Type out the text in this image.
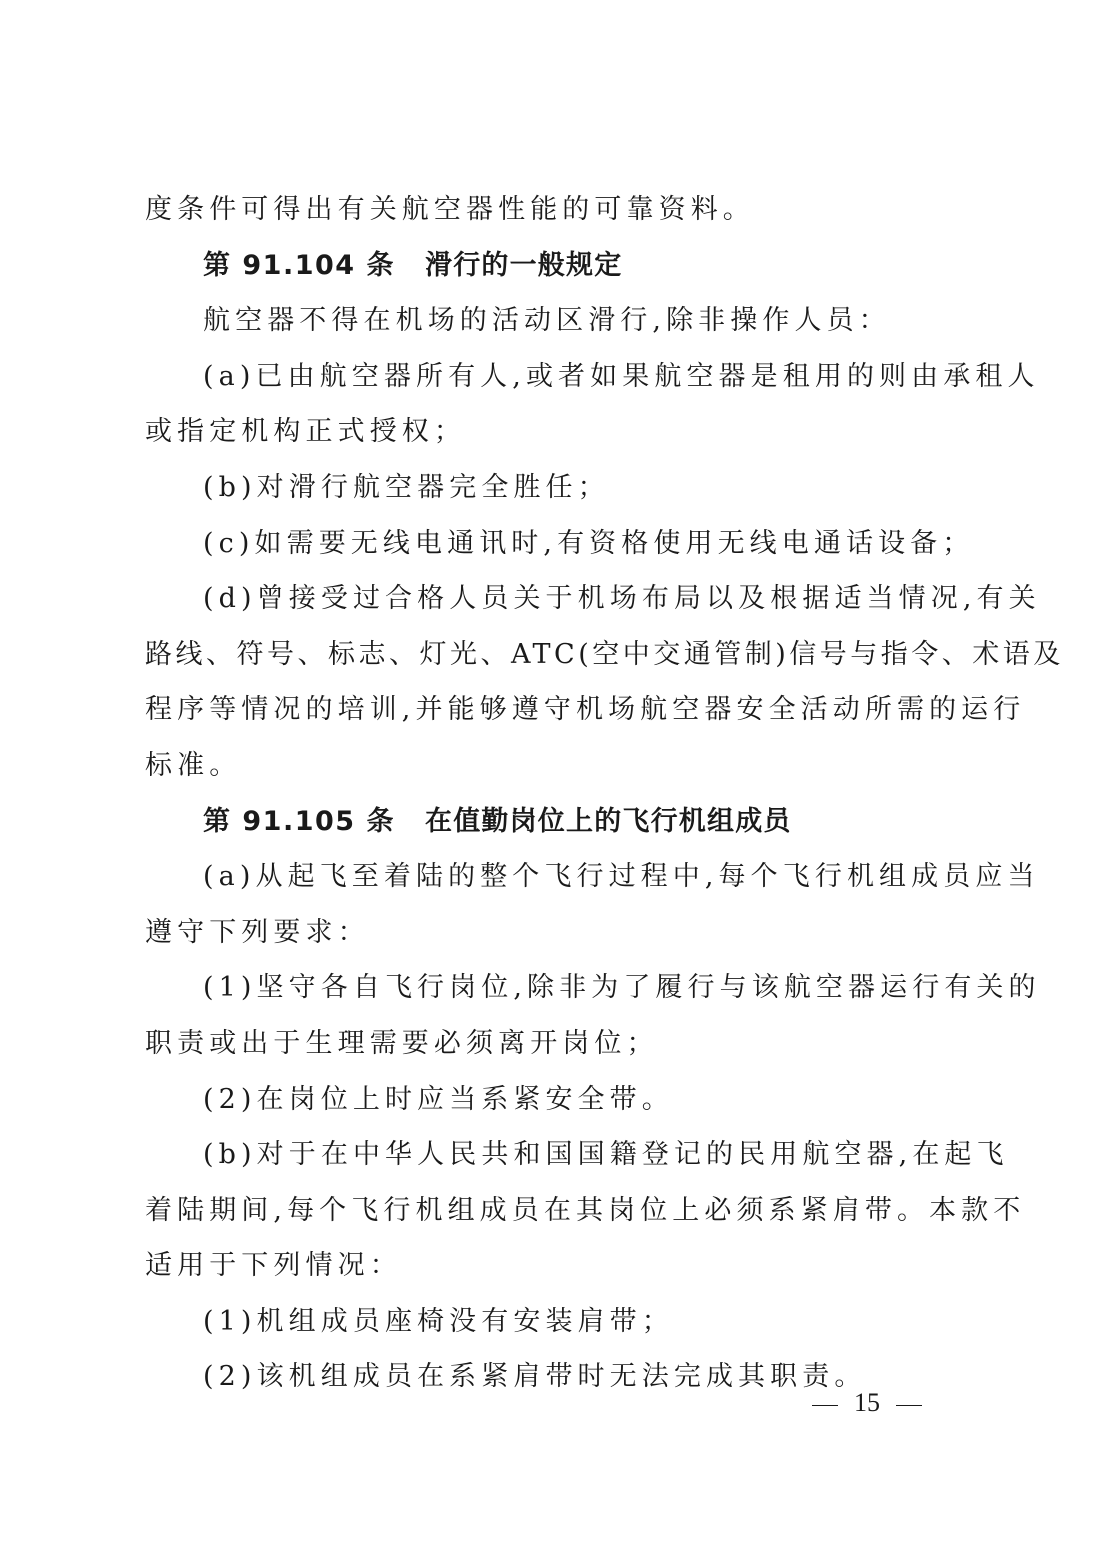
度条件可得出有关航空器性能的可靠资料。
第 91.104 条 滑行的一般规定
航空器不得在机场的活动区滑行,除非操作人员：
(a)已由航空器所有人,或者如果航空器是租用的则由承租人
或指定机构正式授权；
(b)对滑行航空器完全胜任；
(c)如需要无线电通讯时,有资格使用无线电通话设备；
(d)曾接受过合格人员关于机场布局以及根据适当情况,有关
路线、符号、标志、灯光、ATC(空中交通管制)信号与指令、术语及
程序等情况的培训,并能够遵守机场航空器安全活动所需的运行
标准。
第 91.105 条 在值勤岗位上的飞行机组成员
(a)从起飞至着陆的整个飞行过程中,每个飞行机组成员应当
遵守下列要求：
(1)坚守各自飞行岗位,除非为了履行与该航空器运行有关的
职责或出于生理需要必须离开岗位；
(2)在岗位上时应当系紧安全带。
(b)对于在中华人民共和国国籍登记的民用航空器,在起飞
着陆期间,每个飞行机组成员在其岗位上必须系紧肩带。本款不
适用于下列情况：
(1)机组成员座椅没有安装肩带；
(2)该机组成员在系紧肩带时无法完成其职责。
15
